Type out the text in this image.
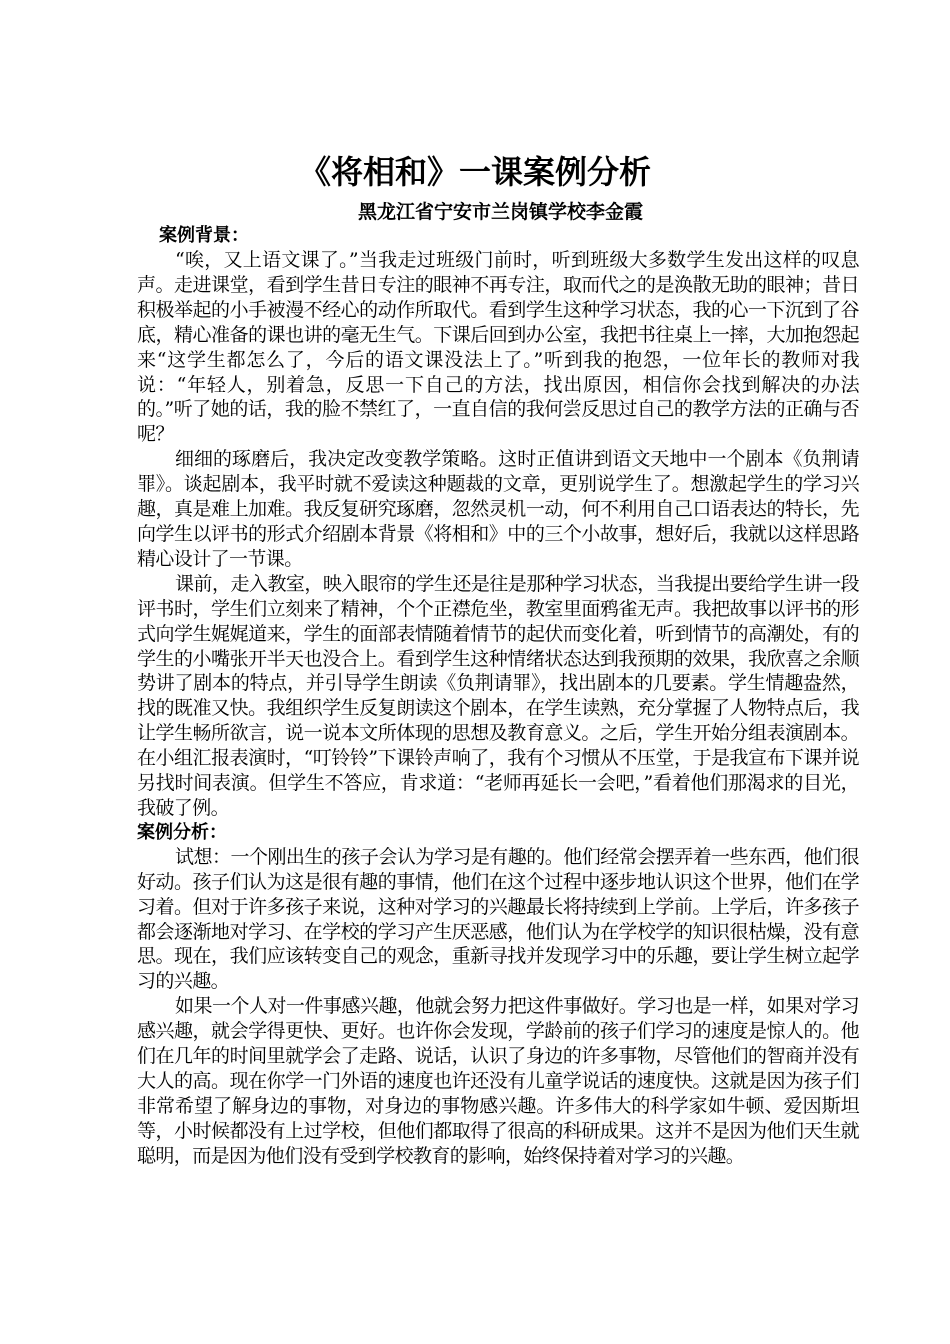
《将相和》一课案例分析

黑龙江省宁安市兰岗镇学校李金霞

案例背景：

“唉，又上语文课了。”当我走过班级门前时，听到班级大多数学生发出这样的叹息声。走进课堂，看到学生昔日专注的眼神不再专注，取而代之的是涣散无助的眼神；昔日积极举起的小手被漫不经心的动作所取代。看到学生这种学习状态，我的心一下沉到了谷底，精心准备的课也讲的毫无生气。下课后回到办公室，我把书往桌上一摔，大加抱怨起来“这学生都怎么了，今后的语文课没法上了。”听到我的抱怨，一位年长的教师对我说：“年轻人，别着急，反思一下自己的方法，找出原因，相信你会找到解决的办法的。”听了她的话，我的脸不禁红了，一直自信的我何尝反思过自己的教学方法的正确与否呢？

细细的琢磨后，我决定改变教学策略。这时正值讲到语文天地中一个剧本《负荆请罪》。谈起剧本，我平时就不爱读这种题裁的文章，更别说学生了。想激起学生的学习兴趣，真是难上加难。我反复研究琢磨，忽然灵机一动，何不利用自己口语表达的特长，先向学生以评书的形式介绍剧本背景《将相和》中的三个小故事，想好后，我就以这样思路精心设计了一节课。

课前，走入教室，映入眼帘的学生还是往是那种学习状态，当我提出要给学生讲一段评书时，学生们立刻来了精神，个个正襟危坐，教室里面鸦雀无声。我把故事以评书的形式向学生娓娓道来，学生的面部表情随着情节的起伏而变化着，听到情节的高潮处，有的学生的小嘴张开半天也没合上。看到学生这种情绪状态达到我预期的效果，我欣喜之余顺势讲了剧本的特点，并引导学生朗读《负荆请罪》，找出剧本的几要素。学生情趣盎然，找的既准又快。我组织学生反复朗读这个剧本，在学生读熟，充分掌握了人物特点后，我让学生畅所欲言，说一说本文所体现的思想及教育意义。之后，学生开始分组表演剧本。在小组汇报表演时，“叮铃铃”下课铃声响了，我有个习惯从不压堂，于是我宣布下课并说另找时间表演。但学生不答应，肯求道：“老师再延长一会吧，”看着他们那渴求的目光，我破了例。

案例分析：

试想：一个刚出生的孩子会认为学习是有趣的。他们经常会摆弄着一些东西，他们很好动。孩子们认为这是很有趣的事情，他们在这个过程中逐步地认识这个世界，他们在学习着。但对于许多孩子来说，这种对学习的兴趣最长将持续到上学前。上学后，许多孩子都会逐渐地对学习、在学校的学习产生厌恶感，他们认为在学校学的知识很枯燥，没有意思。现在，我们应该转变自己的观念，重新寻找并发现学习中的乐趣，要让学生树立起学习的兴趣。

如果一个人对一件事感兴趣，他就会努力把这件事做好。学习也是一样，如果对学习感兴趣，就会学得更快、更好。也许你会发现，学龄前的孩子们学习的速度是惊人的。他们在几年的时间里就学会了走路、说话，认识了身边的许多事物，尽管他们的智商并没有大人的高。现在你学一门外语的速度也许还没有儿童学说话的速度快。这就是因为孩子们非常希望了解身边的事物，对身边的事物感兴趣。许多伟大的科学家如牛顿、爱因斯坦等，小时候都没有上过学校，但他们都取得了很高的科研成果。这并不是因为他们天生就聪明，而是因为他们没有受到学校教育的影响，始终保持着对学习的兴趣。
